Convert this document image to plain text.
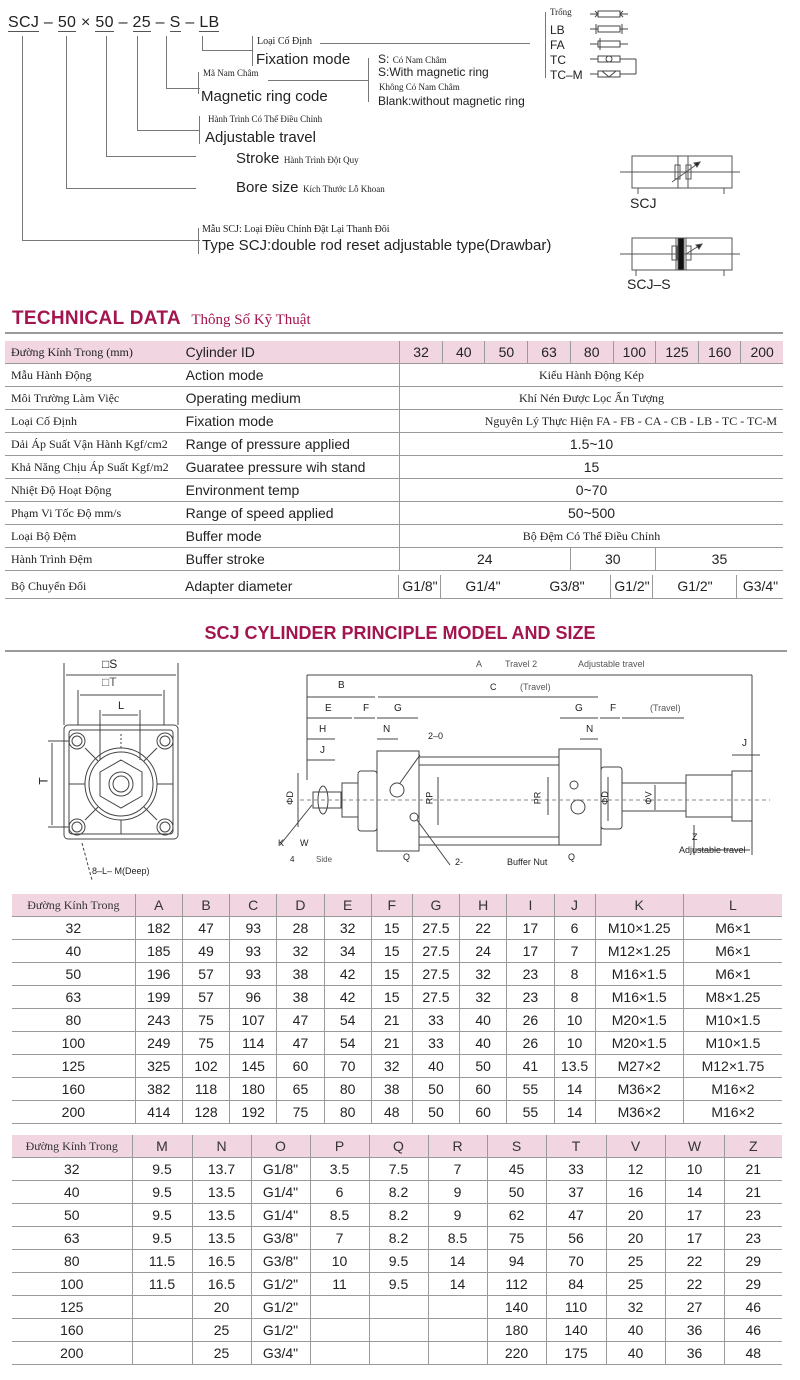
SCJ – 50 × 50 – 25 – S – LB
Loại Cố Định
Fixation mode
Mã Nam Châm
Magnetic ring code
S: Có Nam Châm
S:With magnetic ring
Không Có Nam Châm
Blank:without magnetic ring
Hành Trình Có Thể Điều Chỉnh
Adjustable travel
Stroke Hành Trình Đột Quy
Bore size Kích Thước Lỗ Khoan
Mẫu SCJ: Loại Điều Chỉnh Đặt Lại Thanh Đôi
Type SCJ:double rod reset adjustable type(Drawbar)
Trống
LB
FA
TC
TC–M
SCJ
SCJ–S
TECHNICAL DATA Thông Số Kỹ Thuật
Đường Kính Trong (mm)	Cylinder ID	32	40	50	63	80	100	125	160	200
Mẫu Hành Động	Action mode	Kiểu Hành Động Kép								
Môi Trường Làm Việc	Operating medium	Khí Nén Được Lọc Ấn Tượng								
Loại Cố Định	Fixation mode	Nguyên Lý Thực Hiện FA - FB - CA - CB - LB - TC - TC-M								
Dải Áp Suất Vận Hành Kgf/cm2	Range of pressure applied	1.5~10								
Khả Năng Chịu Áp Suất Kgf/m2	Guaratee pressure wih stand	15								
Nhiệt Độ Hoạt Động	Environment temp	0~70								
Phạm Vi Tốc Độ mm/s	Range of speed applied	50~500								
Loại Bộ Đệm	Buffer mode	Bộ Đệm Có Thể Điều Chỉnh								
Hành Trình Đệm	Buffer stroke	24				30		35		
Bộ Chuyển Đổi	Adapter diameter	G1/8"	G1/4"	G3/8"	G1/2"	G1/2"	G3/4"
SCJ CYLINDER PRINCIPLE MODEL AND SIZE
□S
□T
L
T
8–L– M(Deep)
A	Travel 2	Adjustable travel
B	C	(Travel)
E	F G	G	F	(Travel)
H	N	N
J
J
2–0
RP	PR
ΦD	ΦD	ΦV
K W
4	Side	Q	Q
2-	Buffer Nut
Z
Adjustable travel
Đường Kính Trong	A	B	C	D	E	F	G	H	I	J	K	L
32	182	47	93	28	32	15	27.5	22	17	6	M10×1.25	M6×1
40	185	49	93	32	34	15	27.5	24	17	7	M12×1.25	M6×1
50	196	57	93	38	42	15	27.5	32	23	8	M16×1.5	M6×1
63	199	57	96	38	42	15	27.5	32	23	8	M16×1.5	M8×1.25
80	243	75	107	47	54	21	33	40	26	10	M20×1.5	M10×1.5
100	249	75	114	47	54	21	33	40	26	10	M20×1.5	M10×1.5
125	325	102	145	60	70	32	40	50	41	13.5	M27×2	M12×1.75
160	382	118	180	65	80	38	50	60	55	14	M36×2	M16×2
200	414	128	192	75	80	48	50	60	55	14	M36×2	M16×2
Đường Kính Trong	M	N	O	P	Q	R	S	T	V	W	Z
32	9.5	13.7	G1/8"	3.5	7.5	7	45	33	12	10	21
40	9.5	13.5	G1/4"	6	8.2	9	50	37	16	14	21
50	9.5	13.5	G1/4"	8.5	8.2	9	62	47	20	17	23
63	9.5	13.5	G3/8"	7	8.2	8.5	75	56	20	17	23
80	11.5	16.5	G3/8"	10	9.5	14	94	70	25	22	29
100	11.5	16.5	G1/2"	11	9.5	14	112	84	25	22	29
125		20	G1/2"				140	110	32	27	46
160		25	G1/2"				180	140	40	36	46
200		25	G3/4"				220	175	40	36	48
